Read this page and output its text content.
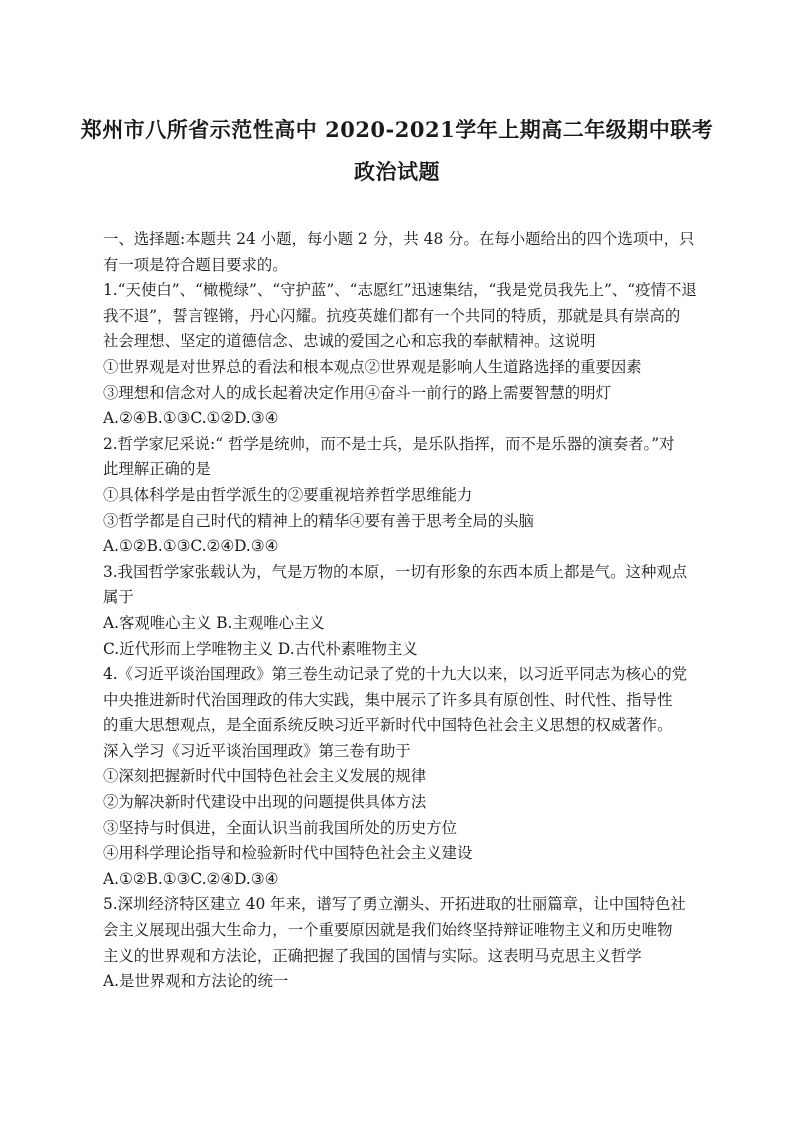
郑州市八所省示范性高中 2020-2021学年上期高二年级期中联考
政治试题
一、选择题:本题共 24 小题，每小题 2 分，共 48 分。在每小题给出的四个选项中，只
有一项是符合题目要求的。
1.“天使白”、“橄榄绿”、“守护蓝”、“志愿红”迅速集结，“我是党员我先上”、“疫情不退
我不退”，誓言铿锵，丹心闪耀。抗疫英雄们都有一个共同的特质，那就是具有崇高的
社会理想、坚定的道德信念、忠诚的爱国之心和忘我的奉献精神。这说明
①世界观是对世界总的看法和根本观点②世界观是影响人生道路选择的重要因素
③理想和信念对人的成长起着决定作用④奋斗一前行的路上需要智慧的明灯
A.②④B.①③C.①②D.③④
2.哲学家尼采说:“ 哲学是统帅，而不是士兵，是乐队指挥，而不是乐器的演奏者。”对
此理解正确的是
①具体科学是由哲学派生的②要重视培养哲学思维能力
③哲学都是自己时代的精神上的精华④要有善于思考全局的头脑
A.①②B.①③C.②④D.③④
3.我国哲学家张载认为，气是万物的本原，一切有形象的东西本质上都是气。这种观点
属于
A.客观唯心主义 B.主观唯心主义
C.近代形而上学唯物主义 D.古代朴素唯物主义
4.《习近平谈治国理政》第三卷生动记录了党的十九大以来，以习近平同志为核心的党
中央推进新时代治国理政的伟大实践，集中展示了许多具有原创性、时代性、指导性
的重大思想观点，是全面系统反映习近平新时代中国特色社会主义思想的权威著作。
深入学习《习近平谈治国理政》第三卷有助于
①深刻把握新时代中国特色社会主义发展的规律
②为解决新时代建设中出现的问题提供具体方法
③坚持与时俱进，全面认识当前我国所处的历史方位
④用科学理论指导和检验新时代中国特色社会主义建设
A.①②B.①③C.②④D.③④
5.深圳经济特区建立 40 年来，谱写了勇立潮头、开拓进取的壮丽篇章，让中国特色社
会主义展现出强大生命力，一个重要原因就是我们始终坚持辩证唯物主义和历史唯物
主义的世界观和方法论，正确把握了我国的国情与实际。这表明马克思主义哲学
A.是世界观和方法论的统一
